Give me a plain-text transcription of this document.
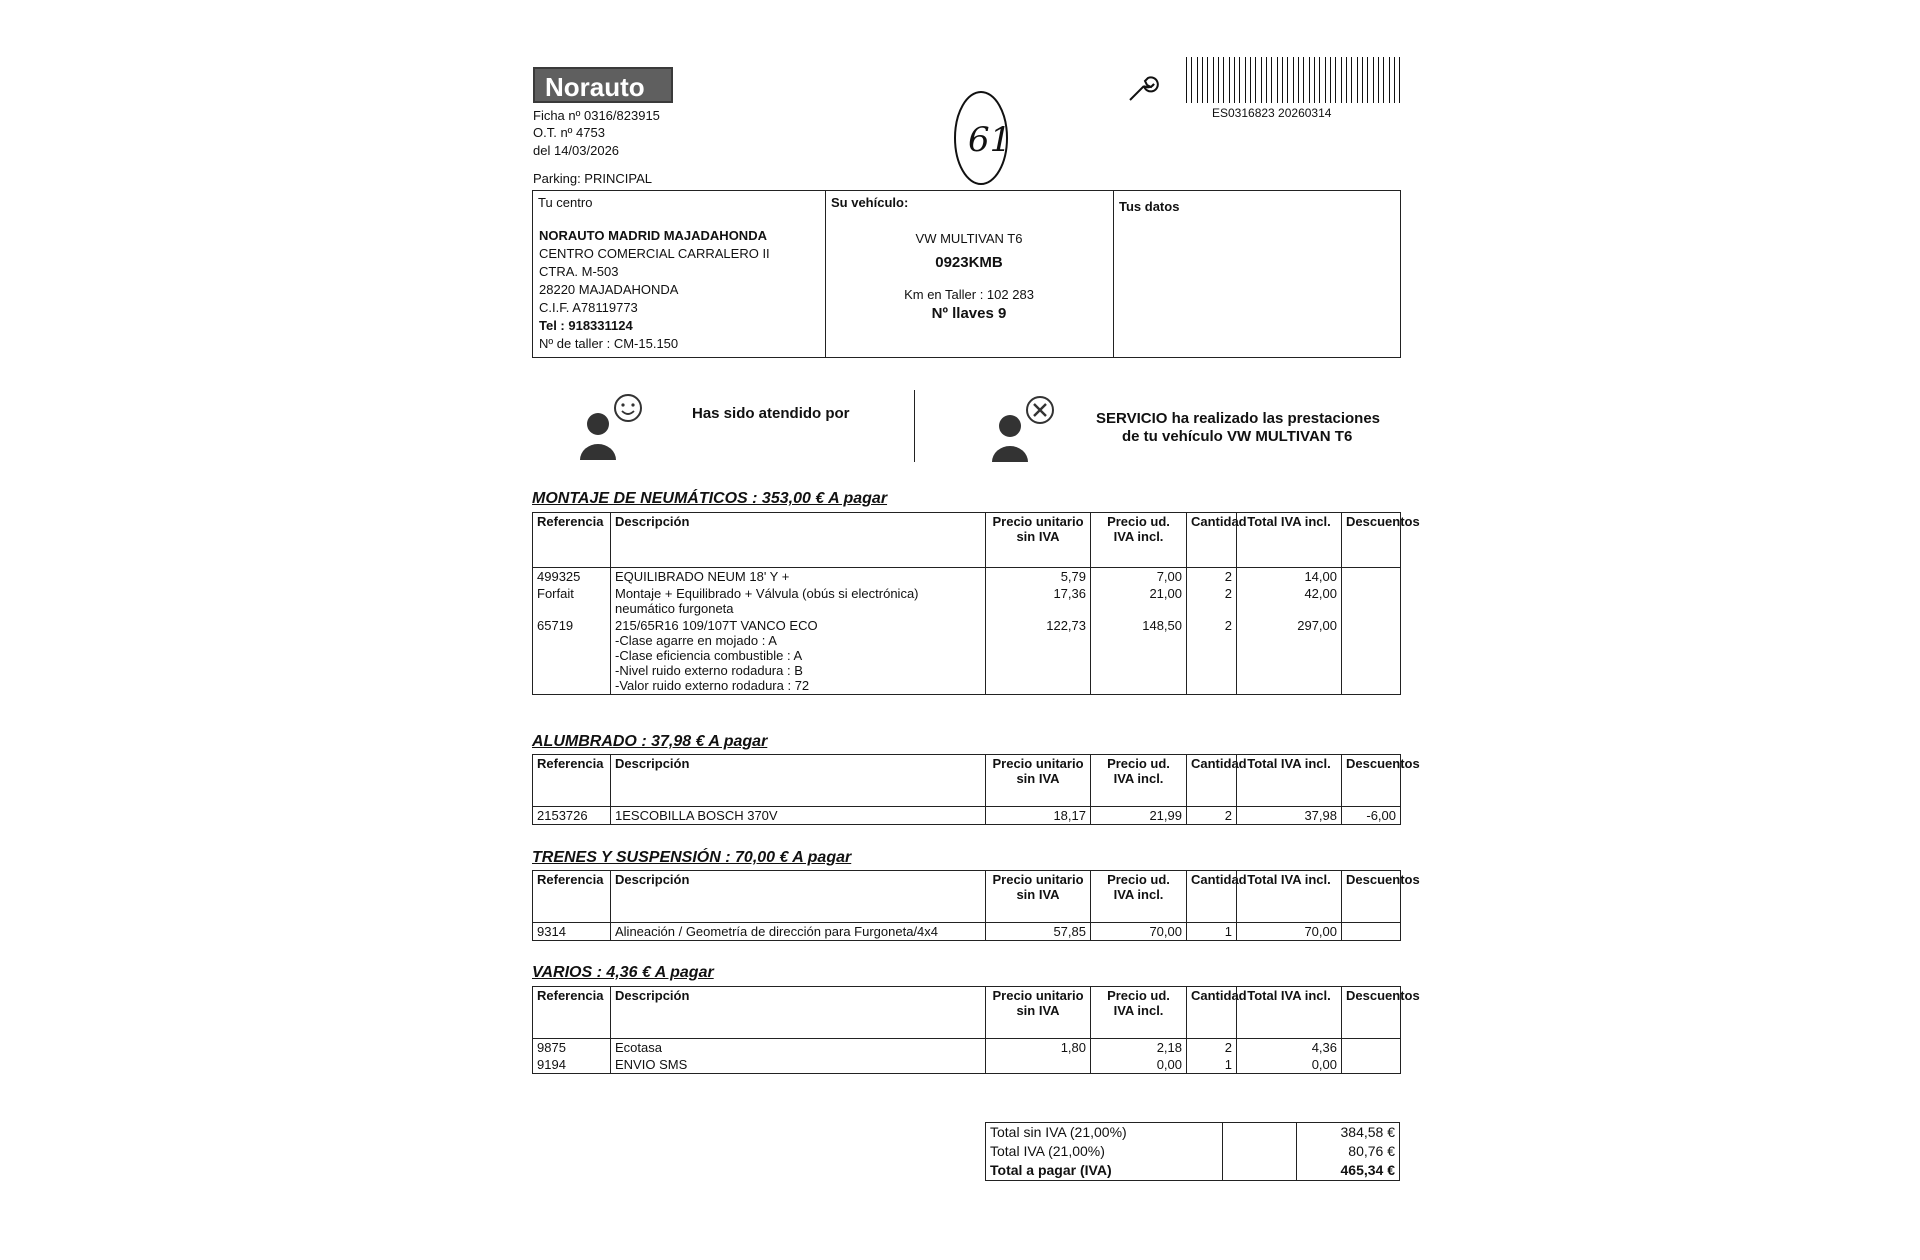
Norauto
Ficha nº 0316/823915
O.T. nº 4753
del 14/03/2026
Parking: PRINCIPAL
61
ES0316823 20260314
Tu centro
NORAUTO MADRID MAJADAHONDA
CENTRO COMERCIAL CARRALERO II
CTRA. M-503
28220 MAJADAHONDA
C.I.F. A78119773
Tel : 918331124
Nº de taller : CM-15.150
Su vehículo:
VW MULTIVAN T6
0923KMB
Km en Taller : 102 283
Nº llaves 9
Tus datos
Has sido atendido por	SERVICIO ha realizado las prestaciones
de tu vehículo VW MULTIVAN T6
MONTAJE DE NEUMÁTICOS : 353,00 € A pagar
Referencia	Descripción	Precio unitario sin IVA	Precio ud. IVA incl.	Cantidad	Total IVA incl.	Descuentos
499325	EQUILIBRADO NEUM 18' Y +	5,79	7,00	2	14,00	
Forfait	Montaje + Equilibrado + Válvula (obús si electrónica) neumático furgoneta	17,36	21,00	2	42,00	
65719	215/65R16 109/107T VANCO ECO
-Clase agarre en mojado : A
-Clase eficiencia combustible : A
-Nivel ruido externo rodadura : B
-Valor ruido externo rodadura : 72	122,73	148,50	2	297,00	
ALUMBRADO : 37,98 € A pagar
Referencia	Descripción	Precio unitario sin IVA	Precio ud. IVA incl.	Cantidad	Total IVA incl.	Descuentos
2153726	1ESCOBILLA BOSCH 370V	18,17	21,99	2	37,98	-6,00
TRENES Y SUSPENSIÓN : 70,00 € A pagar
Referencia	Descripción	Precio unitario sin IVA	Precio ud. IVA incl.	Cantidad	Total IVA incl.	Descuentos
9314	Alineación / Geometría de dirección para Furgoneta/4x4	57,85	70,00	1	70,00	
VARIOS : 4,36 € A pagar
Referencia	Descripción	Precio unitario sin IVA	Precio ud. IVA incl.	Cantidad	Total IVA incl.	Descuentos
9875	Ecotasa	1,80	2,18	2	4,36	
9194	ENVIO SMS		0,00	1	0,00	
Total sin IVA (21,00%)		384,58 €
Total IVA (21,00%)		80,76 €
Total a pagar (IVA)		465,34 €
